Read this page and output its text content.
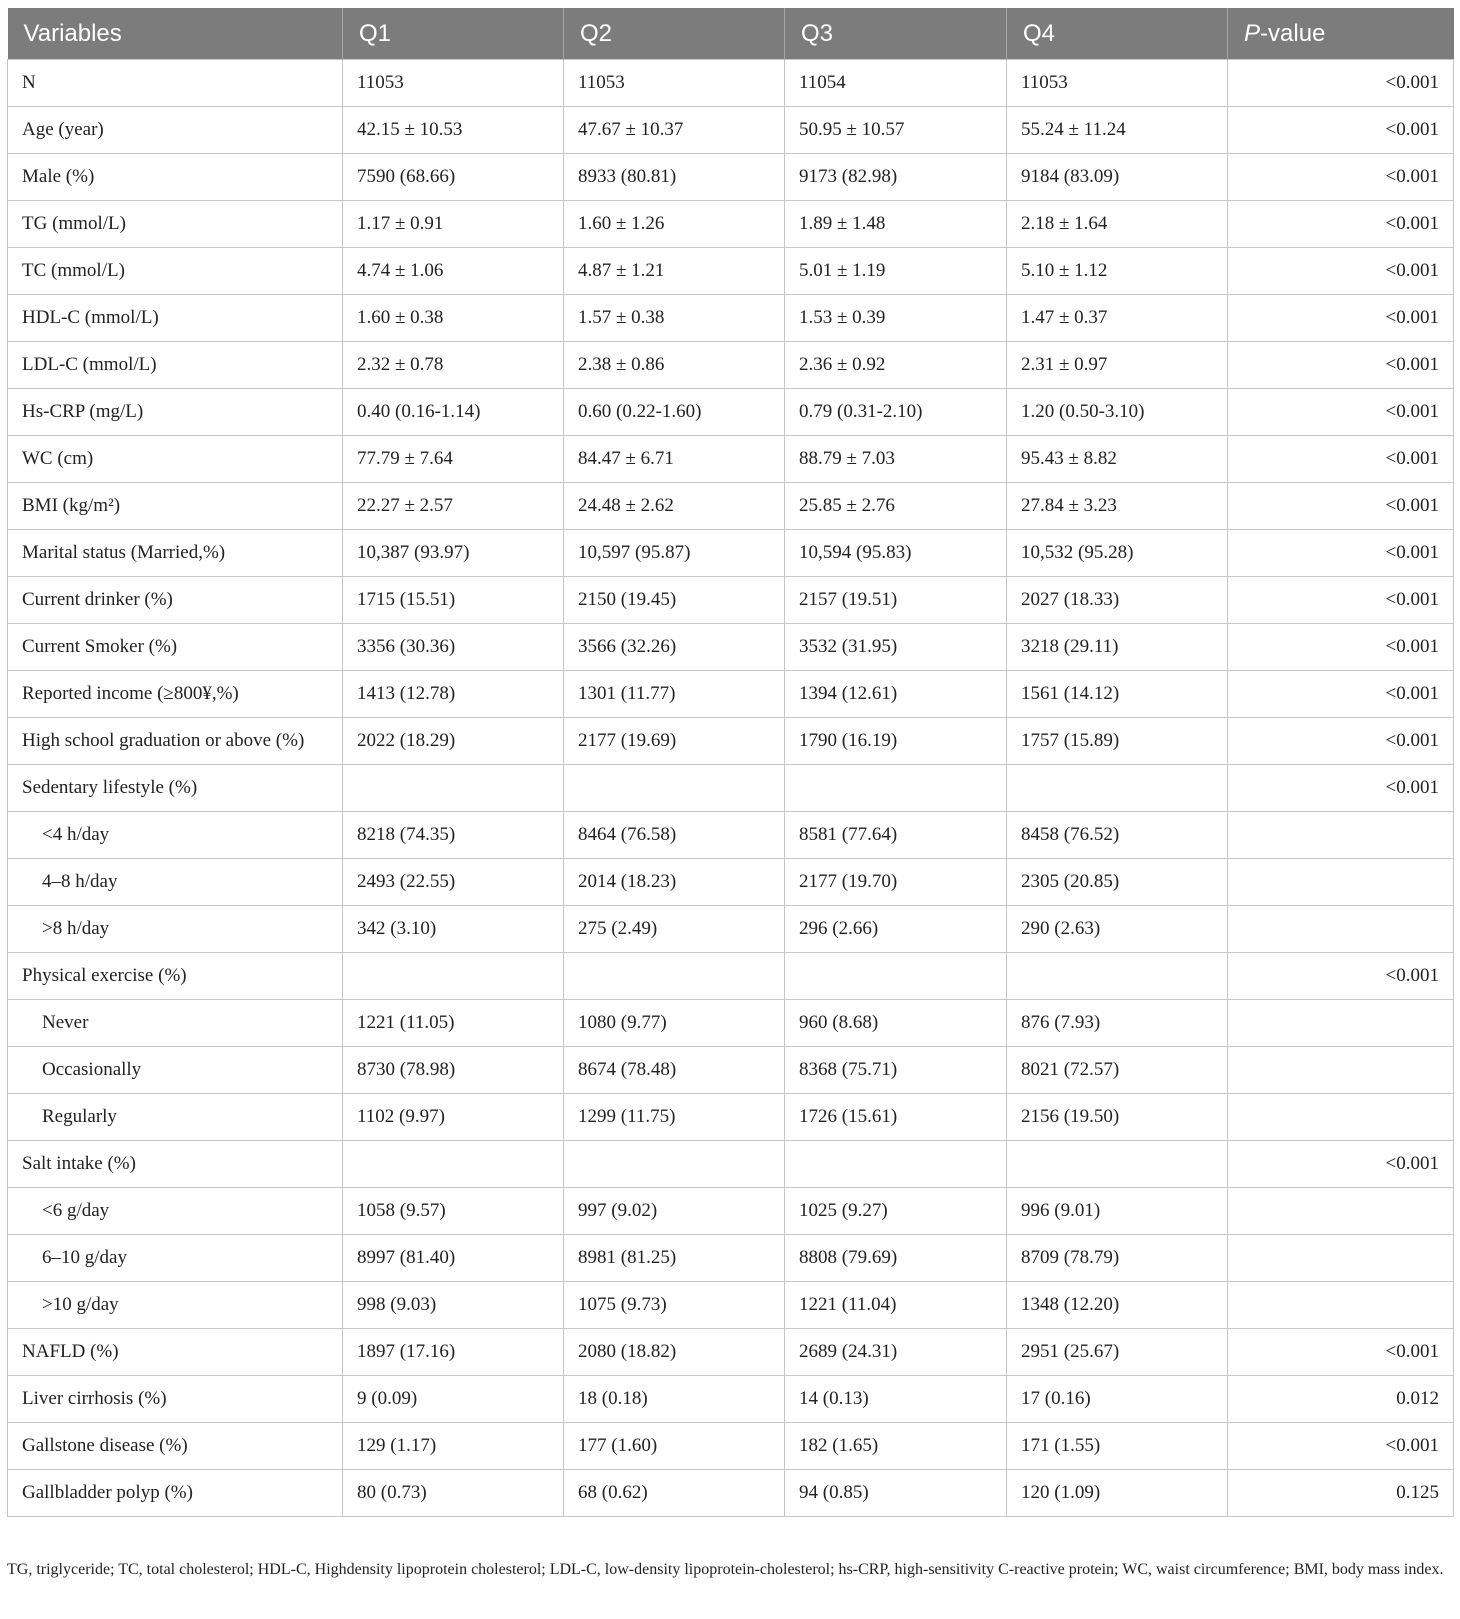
Variables	Q1	Q2	Q3	Q4	P-value
N	11053	11053	11054	11053	<0.001
Age (year)	42.15 ± 10.53	47.67 ± 10.37	50.95 ± 10.57	55.24 ± 11.24	<0.001
Male (%)	7590 (68.66)	8933 (80.81)	9173 (82.98)	9184 (83.09)	<0.001
TG (mmol/L)	1.17 ± 0.91	1.60 ± 1.26	1.89 ± 1.48	2.18 ± 1.64	<0.001
TC (mmol/L)	4.74 ± 1.06	4.87 ± 1.21	5.01 ± 1.19	5.10 ± 1.12	<0.001
HDL-C (mmol/L)	1.60 ± 0.38	1.57 ± 0.38	1.53 ± 0.39	1.47 ± 0.37	<0.001
LDL-C (mmol/L)	2.32 ± 0.78	2.38 ± 0.86	2.36 ± 0.92	2.31 ± 0.97	<0.001
Hs-CRP (mg/L)	0.40 (0.16-1.14)	0.60 (0.22-1.60)	0.79 (0.31-2.10)	1.20 (0.50-3.10)	<0.001
WC (cm)	77.79 ± 7.64	84.47 ± 6.71	88.79 ± 7.03	95.43 ± 8.82	<0.001
BMI (kg/m²)	22.27 ± 2.57	24.48 ± 2.62	25.85 ± 2.76	27.84 ± 3.23	<0.001
Marital status (Married,%)	10,387 (93.97)	10,597 (95.87)	10,594 (95.83)	10,532 (95.28)	<0.001
Current drinker (%)	1715 (15.51)	2150 (19.45)	2157 (19.51)	2027 (18.33)	<0.001
Current Smoker (%)	3356 (30.36)	3566 (32.26)	3532 (31.95)	3218 (29.11)	<0.001
Reported income (≥800¥,%)	1413 (12.78)	1301 (11.77)	1394 (12.61)	1561 (14.12)	<0.001
High school graduation or above (%)	2022 (18.29)	2177 (19.69)	1790 (16.19)	1757 (15.89)	<0.001
Sedentary lifestyle (%)					<0.001
<4 h/day	8218 (74.35)	8464 (76.58)	8581 (77.64)	8458 (76.52)	
4–8 h/day	2493 (22.55)	2014 (18.23)	2177 (19.70)	2305 (20.85)	
>8 h/day	342 (3.10)	275 (2.49)	296 (2.66)	290 (2.63)	
Physical exercise (%)					<0.001
Never	1221 (11.05)	1080 (9.77)	960 (8.68)	876 (7.93)	
Occasionally	8730 (78.98)	8674 (78.48)	8368 (75.71)	8021 (72.57)	
Regularly	1102 (9.97)	1299 (11.75)	1726 (15.61)	2156 (19.50)	
Salt intake (%)					<0.001
<6 g/day	1058 (9.57)	997 (9.02)	1025 (9.27)	996 (9.01)	
6–10 g/day	8997 (81.40)	8981 (81.25)	8808 (79.69)	8709 (78.79)	
>10 g/day	998 (9.03)	1075 (9.73)	1221 (11.04)	1348 (12.20)	
NAFLD (%)	1897 (17.16)	2080 (18.82)	2689 (24.31)	2951 (25.67)	<0.001
Liver cirrhosis (%)	9 (0.09)	18 (0.18)	14 (0.13)	17 (0.16)	0.012
Gallstone disease (%)	129 (1.17)	177 (1.60)	182 (1.65)	171 (1.55)	<0.001
Gallbladder polyp (%)	80 (0.73)	68 (0.62)	94 (0.85)	120 (1.09)	0.125
TG, triglyceride; TC, total cholesterol; HDL-C, Highdensity lipoprotein cholesterol; LDL-C, low-density lipoprotein-cholesterol; hs-CRP, high-sensitivity C-reactive protein; WC, waist circumference; BMI, body mass index.
